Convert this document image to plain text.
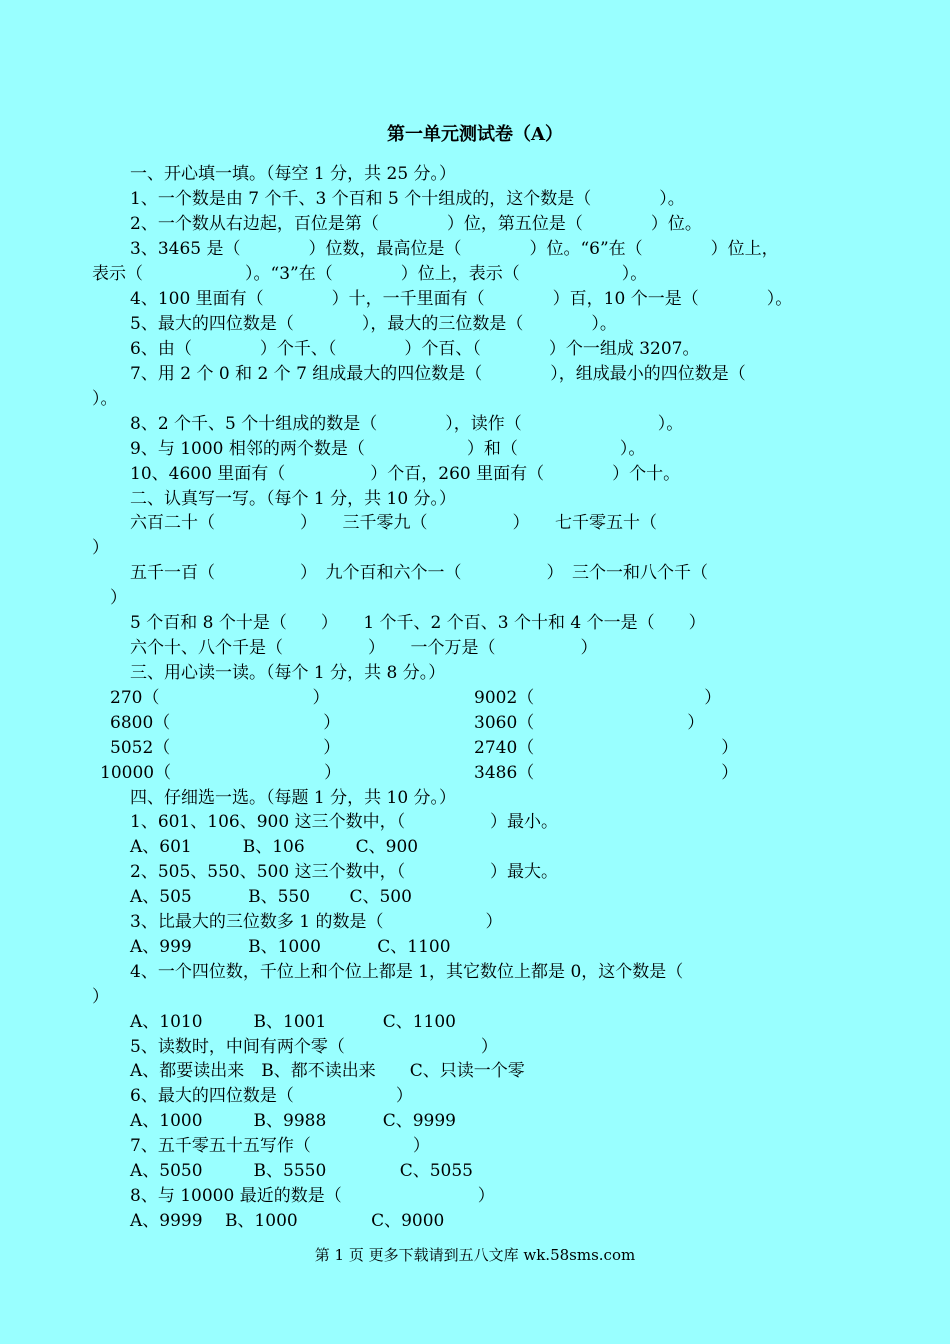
第一单元测试卷（A）
一、开心填一填。（每空 1 分，共 25 分。）
1、一个数是由 7 个千、3 个百和 5 个十组成的，这个数是（　　　　）。
2、一个数从右边起，百位是第（　　　　）位，第五位是（　　　　）位。
3、3465 是（　　　　）位数，最高位是（　　　　）位。“6”在（　　　　）位上，
表示（　　　　　　）。“3”在（　　　　）位上，表示（　　　　　　）。
4、100 里面有（　　　　）十，一千里面有（　　　　）百，10 个一是（　　　　）。
5、最大的四位数是（　　　　），最大的三位数是（　　　　）。
6、由（　　　　）个千、（　　　　）个百、（　　　　）个一组成 3207。
7、用 2 个 0 和 2 个 7 组成最大的四位数是（　　　　），组成最小的四位数是（
）。
8、2 个千、5 个十组成的数是（　　　　），读作（　　　　　　　　）。
9、与 1000 相邻的两个数是（　　　　　　）和（　　　　　　）。
10、4600 里面有（　　　　　）个百，260 里面有（　　　　）个十。
二、认真写一写。（每个 1 分，共 10 分。）
六百二十（　　　　　）　　三千零九（　　　　　）　　七千零五十（
）
五千一百（　　　　　）　九个百和六个一（　　　　　）　三个一和八个千（
）
5 个百和 8 个十是（　　）　　1 个千、2 个百、3 个十和 4 个一是（　　）
六个十、八个千是（　　　　　）　　一个万是（　　　　　）
三、用心读一读。（每个 1 分，共 8 分。）
270（　　　　　　　　　）	9002（　　　　　　　　　　）
6800（　　　　　　　　　）	3060（　　　　　　　　　）
5052（　　　　　　　　　）	2740（　　　　　　　　　　　）
10000（　　　　　　　　　）	3486（　　　　　　　　　　　）
四、仔细选一选。（每题 1 分，共 10 分。）
1、601、106、900 这三个数中，（　　　　　）最小。
A、601　　　B、106　　　C、900
2、505、550、500 这三个数中，（　　　　　）最大。
A、505　　　 B、550　　 C、500
3、比最大的三位数多 1 的数是（　　　　　　）
A、999　　　 B、1000　　　 C、1100
4、一个四位数，千位上和个位上都是 1，其它数位上都是 0，这个数是（
）
A、1010　　　B、1001　　　 C、1100
5、读数时，中间有两个零（　　　　　　　　）
A、都要读出来　B、都不读出来　　C、只读一个零
6、最大的四位数是（　　　　　　）
A、1000　　　B、9988　　　 C、9999
7、五千零五十五写作（　　　　　　）
A、5050　　　B、5550　　　　 C、5055
8、与 10000 最近的数是（　　　　　　　　）
A、9999　 B、1000　　　　 C、9000
第 1 页 更多下载请到五八文库 wk.58sms.com
